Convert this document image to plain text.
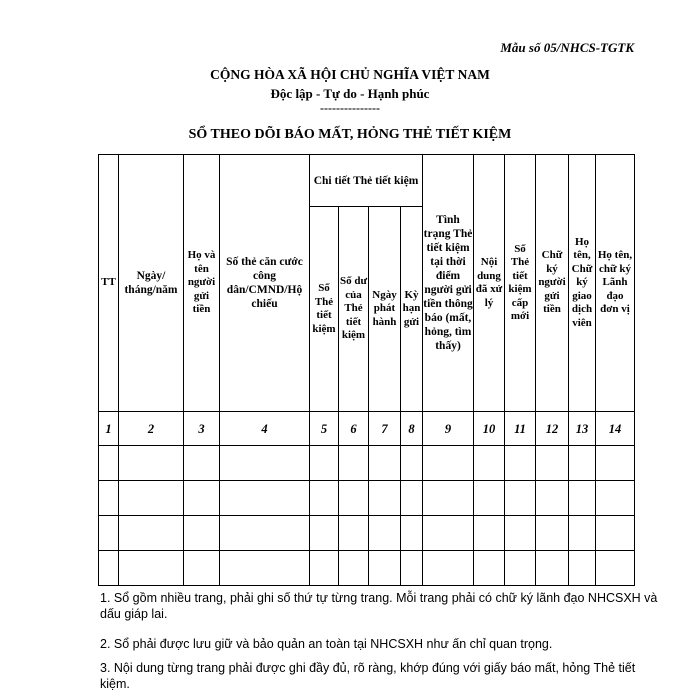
Mẫu số 05/NHCS-TGTK
CỘNG HÒA XÃ HỘI CHỦ NGHĨA VIỆT NAM
Độc lập - Tự do - Hạnh phúc
---------------
SỔ THEO DÕI BÁO MẤT, HỎNG THẺ TIẾT KIỆM
TT	Ngày/ tháng/năm	Họ và tên người gửi tiền	Số thẻ căn cước công dân/CMND/Hộ chiếu	Chi tiết Thẻ tiết kiệm				Tình trạng Thẻ tiết kiệm tại thời điểm người gửi tiền thông báo (mất, hỏng, tìm thấy)	Nội dung đã xử lý	Số Thẻ tiết kiệm cấp mới	Chữ ký người gửi tiền	Họ tên, Chữ ký giao dịch viên	Họ tên, chữ ký Lãnh đạo đơn vị
				Số Thẻ tiết kiệm	Số dư của Thẻ tiết kiệm	Ngày phát hành	Kỳ hạn gửi						
1	2	3	4	5	6	7	8	9	10	11	12	13	14

1. Sổ gồm nhiều trang, phải ghi số thứ tự từng trang. Mỗi trang phải có chữ ký lãnh đạo NHCSXH và dấu giáp lai.
2. Sổ phải được lưu giữ và bảo quản an toàn tại NHCSXH như ấn chỉ quan trọng.
3. Nội dung từng trang phải được ghi đầy đủ, rõ ràng, khớp đúng với giấy báo mất, hỏng Thẻ tiết kiệm.
